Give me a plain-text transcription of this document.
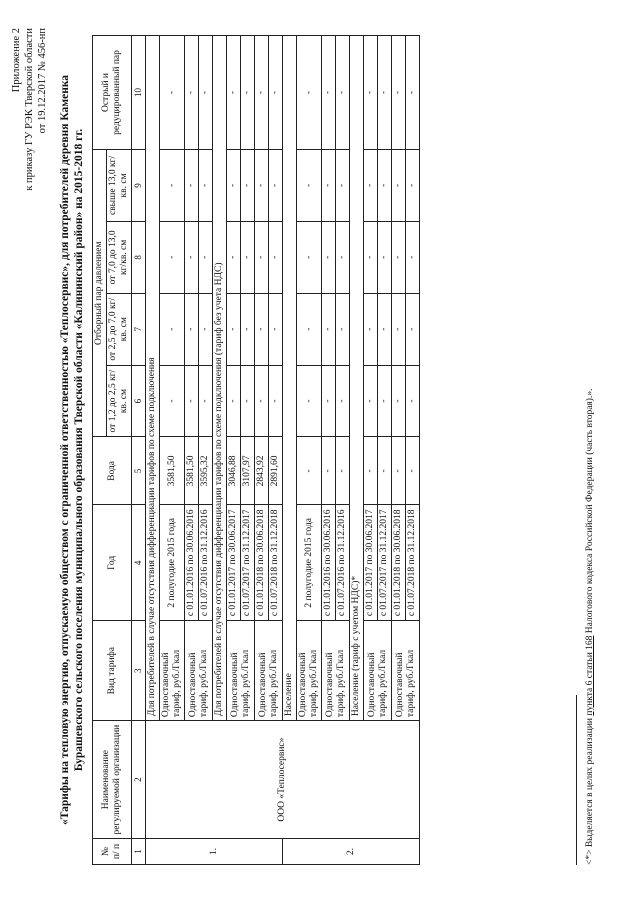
Приложение 2 к приказу ГУ РЭК Тверской области от 19.12.2017 № 456-нп «Тарифы на тепловую энергию, отпускаемую обществом с ограниченной ответственностью «Теплосервис», для потребителей деревня Каменка Бурашевского сельского поселения муниципального образования Тверской области «Калининский район» на 2015-2018 гг.
№ п/ п	Наименование регулируемой организации	Вид тарифа	Год	Вода	Отборный пар давлением				Острый и редуцированный пар
					от 1,2 до 2,5 кг/кв. см	от 2,5 до 7,0 кг/кв. см	от 7,0 до 13,0 кг/кв. см	свыше 13,0 кг/кв. см	
1	2	3	4	5	6	7	8	9	10
1.	ООО «Теплосервис»	Для потребителей в случае отсутствия дифференциации тарифов по схеме подключения							
		Одноставочный тариф, руб./Гкал	2 полугодие 2015 года	3581,50	-	-	-	-	-
		Одноставочный тариф, руб./Гкал	с 01.01.2016 по 30.06.2016	3581,50	-	-	-	-	-
			с 01.07.2016 по 31.12.2016	3595,32	-	-	-	-	-
		Для потребителей в случае отсутствия дифференциации тарифов по схеме подключения (тариф без учета НДС)							
		Одноставочный тариф, руб./Гкал	с 01.01.2017 по 30.06.2017	3046,88	-	-	-	-	-
			с 01.07.2017 по 31.12.2017	3107,97	-	-	-	-	-
		Одноставочный тариф, руб./Гкал	с 01.01.2018 по 30.06.2018	2843,92	-	-	-	-	-
			с 01.07.2018 по 31.12.2018	2891,60	-	-	-	-	-
2.		Население							
		Одноставочный тариф, руб./Гкал	2 полугодие 2015 года	-	-	-	-	-	-
		Одноставочный тариф, руб./Гкал	с 01.01.2016 по 30.06.2016	-	-	-	-	-	-
			с 01.07.2016 по 31.12.2016	-	-	-	-	-	-
		Население (тариф с учетом НДС)*							
		Одноставочный тариф, руб./Гкал	с 01.01.2017 по 30.06.2017	-	-	-	-	-	-
			с 01.07.2017 по 31.12.2017	-	-	-	-	-	-
		Одноставочный тариф, руб./Гкал	с 01.01.2018 по 30.06.2018	-	-	-	-	-	-
			с 01.07.2018 по 31.12.2018	-	-	-	-	-	-
<*> Выделяется в целях реализации пункта 6 статьи 168 Налогового кодекса Российской Федерации (часть вторая).».
